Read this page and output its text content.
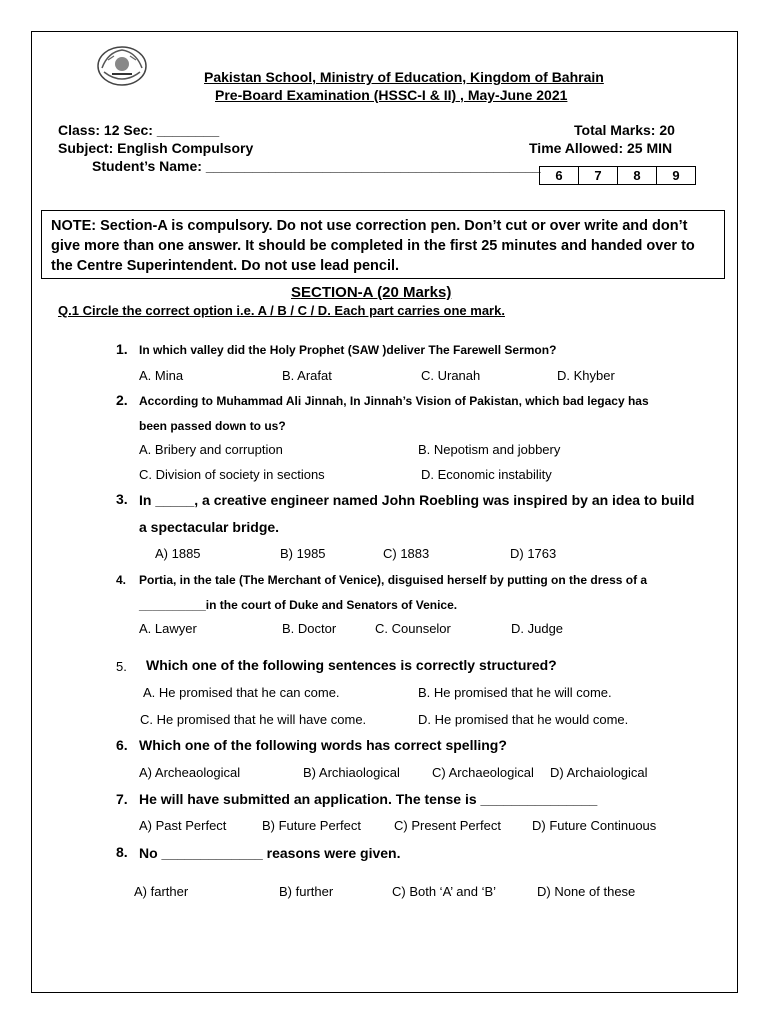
Pakistan School, Ministry of Education, Kingdom of Bahrain
Pre-Board Examination (HSSC-I & II) , May-June 2021
Class: 12 Sec: ________
Subject: English Compulsory
Student’s Name: ___________________________________________
Total Marks: 20
Time Allowed: 25 MIN
6	7	8	9
NOTE: Section-A is compulsory. Do not use correction pen. Don’t cut or over write and don’t give more than one answer. It should be completed in the first 25 minutes and handed over to the Centre Superintendent. Do not use lead pencil.
SECTION-A (20 Marks)
Q.1 Circle the correct option i.e. A / B / C / D. Each part carries one mark.
1. In which valley did the Holy Prophet (SAW )deliver The Farewell Sermon?
A. Mina	B. Arafat	C. Uranah	D. Khyber
2. According to Muhammad Ali Jinnah, In Jinnah’s Vision of Pakistan, which bad legacy has
been passed down to us?
A. Bribery and corruption	B. Nepotism and jobbery
C. Division of society in sections	D. Economic instability
3. In _____, a creative engineer named John Roebling was inspired by an idea to build
a spectacular bridge.
A) 1885	B) 1985	C) 1883	D) 1763
4. Portia, in the tale (The Merchant of Venice), disguised herself by putting on the dress of a
__________in the court of Duke and Senators of Venice.
A. Lawyer	B. Doctor	C. Counselor	D. Judge
5. Which one of the following sentences is correctly structured?
A. He promised that he can come.	B. He promised that he will come.
C. He promised that he will have come.	D. He promised that he would come.
6. Which one of the following words has correct spelling?
A) Archeaological	B) Archiaological C) Archaeological D) Archaiological
7. He will have submitted an application. The tense is _______________
A) Past Perfect	B) Future Perfect	C) Present Perfect D) Future Continuous
8. No _____________ reasons were given.
A) farther	B) further	C) Both ‘A’ and ‘B’	D) None of these
